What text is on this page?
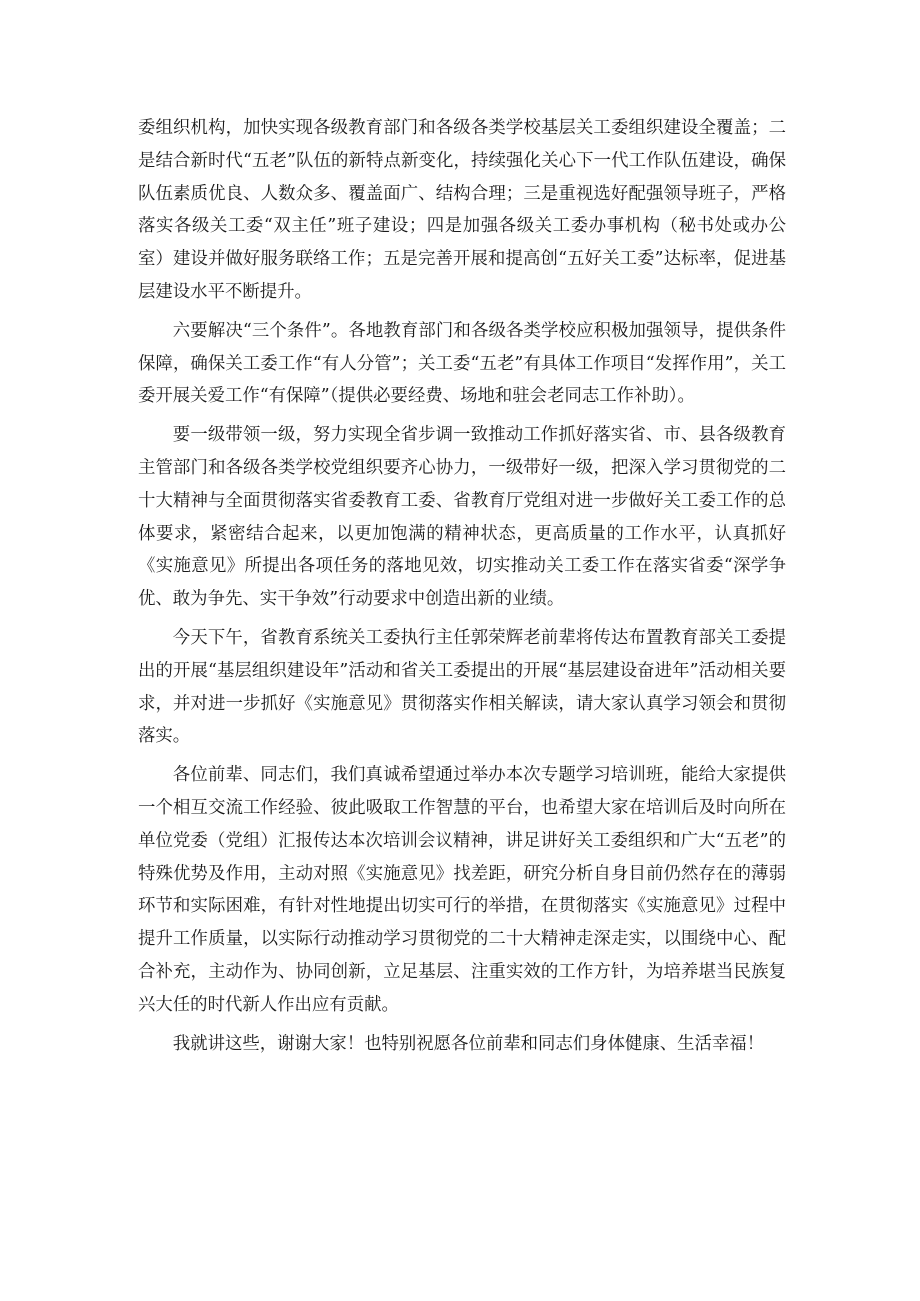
委组织机构，加快实现各级教育部门和各级各类学校基层关工委组织建设全覆盖；二是结合新时代“五老”队伍的新特点新变化，持续强化关心下一代工作队伍建设，确保队伍素质优良、人数众多、覆盖面广、结构合理；三是重视选好配强领导班子，严格落实各级关工委“双主任”班子建设；四是加强各级关工委办事机构（秘书处或办公室）建设并做好服务联络工作；五是完善开展和提高创“五好关工委”达标率，促进基层建设水平不断提升。

六要解决“三个条件”。各地教育部门和各级各类学校应积极加强领导，提供条件保障，确保关工委工作“有人分管”；关工委“五老”有具体工作项目“发挥作用”，关工委开展关爱工作“有保障”（提供必要经费、场地和驻会老同志工作补助）。

要一级带领一级，努力实现全省步调一致推动工作抓好落实省、市、县各级教育主管部门和各级各类学校党组织要齐心协力，一级带好一级，把深入学习贯彻党的二十大精神与全面贯彻落实省委教育工委、省教育厅党组对进一步做好关工委工作的总体要求，紧密结合起来，以更加饱满的精神状态，更高质量的工作水平，认真抓好《实施意见》所提出各项任务的落地见效，切实推动关工委工作在落实省委“深学争优、敢为争先、实干争效”行动要求中创造出新的业绩。

今天下午，省教育系统关工委执行主任郭荣辉老前辈将传达布置教育部关工委提出的开展“基层组织建设年”活动和省关工委提出的开展“基层建设奋进年”活动相关要求，并对进一步抓好《实施意见》贯彻落实作相关解读，请大家认真学习领会和贯彻落实。

各位前辈、同志们，我们真诚希望通过举办本次专题学习培训班，能给大家提供一个相互交流工作经验、彼此吸取工作智慧的平台，也希望大家在培训后及时向所在单位党委（党组）汇报传达本次培训会议精神，讲足讲好关工委组织和广大“五老”的特殊优势及作用，主动对照《实施意见》找差距，研究分析自身目前仍然存在的薄弱环节和实际困难，有针对性地提出切实可行的举措，在贯彻落实《实施意见》过程中提升工作质量，以实际行动推动学习贯彻党的二十大精神走深走实，以围绕中心、配合补充，主动作为、协同创新，立足基层、注重实效的工作方针，为培养堪当民族复兴大任的时代新人作出应有贡献。

我就讲这些，谢谢大家！也特别祝愿各位前辈和同志们身体健康、生活幸福！
